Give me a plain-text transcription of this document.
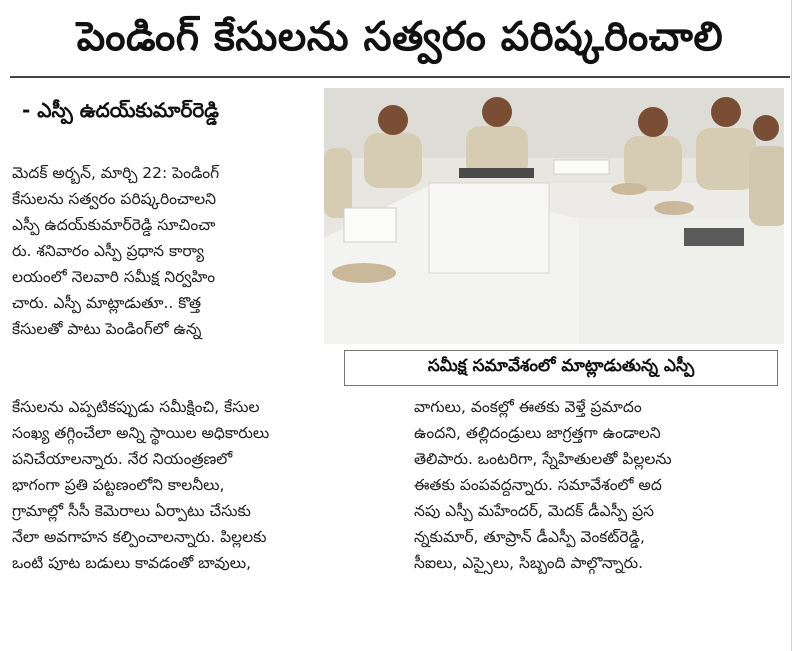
పెండింగ్ కేసులను సత్వరం పరిష్కరించాలి
- ఎస్పీ ఉదయ్‌కుమార్‌రెడ్డి
సమీక్ష సమావేశంలో మాట్లాడుతున్న ఎస్పీ
మెదక్ అర్బన్, మార్చి 22: పెండింగ్
కేసులను సత్వరం పరిష్కరించాలని
ఎస్పీ ఉదయ్‌కుమార్‌రెడ్డి సూచించా
రు. శనివారం ఎస్పీ ప్రధాన కార్యా
లయంలో నెలవారి సమీక్ష నిర్వహిం
చారు. ఎస్పీ మాట్లాడుతూ.. కొత్త
కేసులతో పాటు పెండింగ్‌లో ఉన్న
కేసులను ఎప్పటికప్పుడు సమీక్షించి, కేసుల
సంఖ్య తగ్గించేలా అన్ని స్థాయిల అధికారులు
పనిచేయాలన్నారు. నేర నియంత్రణలో
భాగంగా ప్రతి పట్టణంలోని కాలనీలు,
గ్రామాల్లో సీసీ కెమెరాలు ఏర్పాటు చేసుకు
నేలా అవగాహన కల్పించాలన్నారు. పిల్లలకు
ఒంటి పూట బడులు కావడంతో బావులు,
వాగులు, వంకల్లో ఈతకు వెళ్తే ప్రమాదం
ఉందని, తల్లిదండ్రులు జాగ్రత్తగా ఉండాలని
తెలిపారు. ఒంటరిగా, స్నేహితులతో పిల్లలను
ఈతకు పంపవద్దన్నారు. సమావేశంలో అద
నపు ఎస్పీ మహేందర్, మెదక్ డీఎస్పీ ప్రస
న్నకుమార్, తూప్రాన్ డీఎస్పీ వెంకట్‌రెడ్డి,
సీఐలు, ఎస్సైలు, సిబ్బంది పాల్గొన్నారు.
